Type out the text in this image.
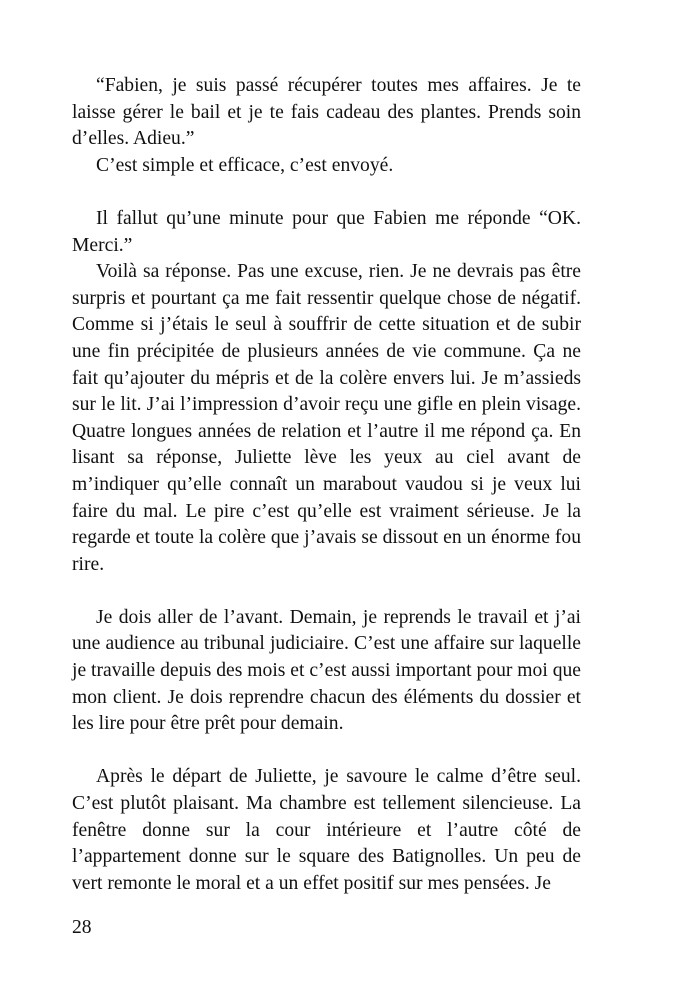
“Fabien, je suis passé récupérer toutes mes affaires. Je te laisse gérer le bail et je te fais cadeau des plantes. Prends soin d’elles. Adieu.”

C’est simple et efficace, c’est envoyé.

Il fallut qu’une minute pour que Fabien me réponde “OK. Merci.”

Voilà sa réponse. Pas une excuse, rien. Je ne devrais pas être surpris et pourtant ça me fait ressentir quelque chose de négatif. Comme si j’étais le seul à souffrir de cette situation et de subir une fin précipitée de plusieurs années de vie commune. Ça ne fait qu’ajouter du mépris et de la colère envers lui. Je m’assieds sur le lit. J’ai l’impression d’avoir reçu une gifle en plein visage. Quatre longues années de relation et l’autre il me répond ça. En lisant sa réponse, Juliette lève les yeux au ciel avant de m’indiquer qu’elle connaît un marabout vaudou si je veux lui faire du mal. Le pire c’est qu’elle est vraiment sérieuse. Je la regarde et toute la colère que j’avais se dissout en un énorme fou rire.

Je dois aller de l’avant. Demain, je reprends le travail et j’ai une audience au tribunal judiciaire. C’est une affaire sur laquelle je travaille depuis des mois et c’est aussi important pour moi que mon client. Je dois reprendre chacun des éléments du dossier et les lire pour être prêt pour demain.

Après le départ de Juliette, je savoure le calme d’être seul. C’est plutôt plaisant. Ma chambre est tellement silencieuse. La fenêtre donne sur la cour intérieure et l’autre côté de l’appartement donne sur le square des Batignolles. Un peu de vert remonte le moral et a un effet positif sur mes pensées. Je

28
